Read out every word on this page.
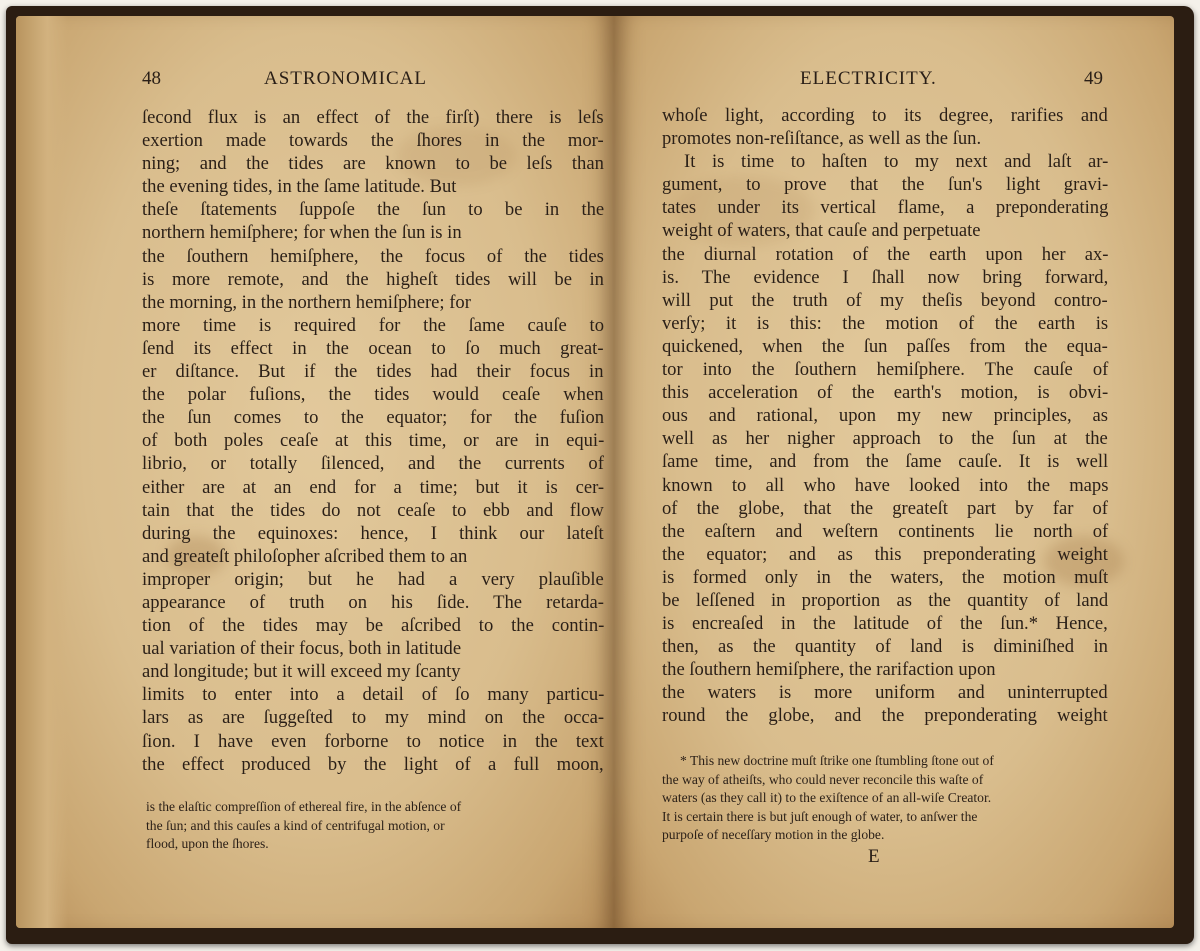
48	ASTRONOMICAL
ſecond flux is an effect of the firſt) there is leſs
exertion made towards the ſhores in the mor-
ning; and the tides are known to be leſs than
the evening tides, in the ſame latitude. But
theſe ſtatements ſuppoſe the ſun to be in the
northern hemiſphere; for when the ſun is in
the ſouthern hemiſphere, the focus of the tides
is more remote, and the higheſt tides will be in
the morning, in the northern hemiſphere; for
more time is required for the ſame cauſe to
ſend its effect in the ocean to ſo much great-
er diſtance. But if the tides had their focus in
the polar fuſions, the tides would ceaſe when
the ſun comes to the equator; for the fuſion
of both poles ceaſe at this time, or are in equi-
librio, or totally ſilenced, and the currents of
either are at an end for a time; but it is cer-
tain that the tides do not ceaſe to ebb and flow
during the equinoxes: hence, I think our lateſt
and greateſt philoſopher aſcribed them to an
improper origin; but he had a very plauſible
appearance of truth on his ſide. The retarda-
tion of the tides may be aſcribed to the contin-
ual variation of their focus, both in latitude
and longitude; but it will exceed my ſcanty
limits to enter into a detail of ſo many particu-
lars as are ſuggeſted to my mind on the occa-
ſion. I have even forborne to notice in the text
the effect produced by the light of a full moon,
is the elaſtic compreſſion of ethereal fire, in the abſence of
the ſun; and this cauſes a kind of centrifugal motion, or
flood, upon the ſhores.
ELECTRICITY.	49
whoſe light, according to its degree, rarifies and
promotes non-reſiſtance, as well as the ſun.
It is time to haſten to my next and laſt ar-
gument, to prove that the ſun's light gravi-
tates under its vertical flame, a preponderating
weight of waters, that cauſe and perpetuate
the diurnal rotation of the earth upon her ax-
is. The evidence I ſhall now bring forward,
will put the truth of my theſis beyond contro-
verſy; it is this: the motion of the earth is
quickened, when the ſun paſſes from the equa-
tor into the ſouthern hemiſphere. The cauſe of
this acceleration of the earth's motion, is obvi-
ous and rational, upon my new principles, as
well as her nigher approach to the ſun at the
ſame time, and from the ſame cauſe. It is well
known to all who have looked into the maps
of the globe, that the greateſt part by far of
the eaſtern and weſtern continents lie north of
the equator; and as this preponderating weight
is formed only in the waters, the motion muſt
be leſſened in proportion as the quantity of land
is encreaſed in the latitude of the ſun.* Hence,
then, as the quantity of land is diminiſhed in
the ſouthern hemiſphere, the rarifaction upon
the waters is more uniform and uninterrupted
round the globe, and the preponderating weight
* This new doctrine muſt ſtrike one ſtumbling ſtone out of
the way of atheiſts, who could never reconcile this waſte of
waters (as they call it) to the exiſtence of an all-wiſe Creator.
It is certain there is but juſt enough of water, to anſwer the
purpoſe of neceſſary motion in the globe.
E
